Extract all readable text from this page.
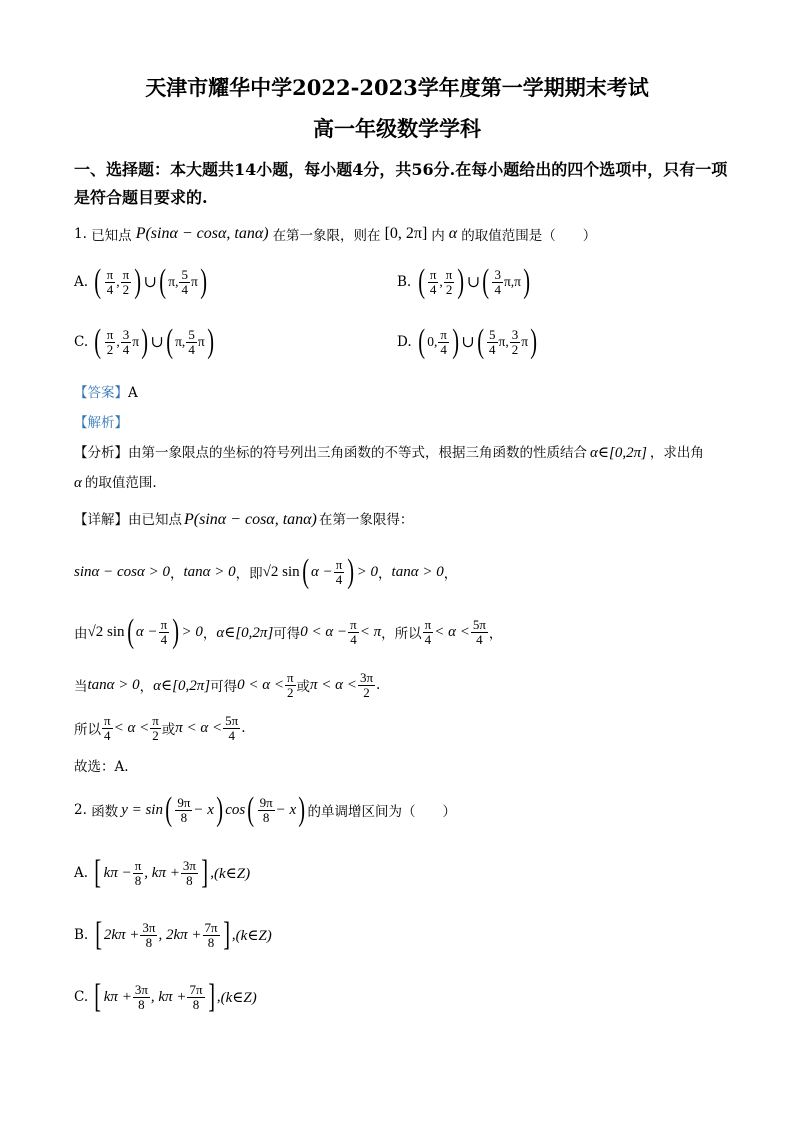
天津市耀华中学2022-2023学年度第一学期期末考试
高一年级数学学科
一、选择题：本大题共14小题，每小题4分，共56分.在每小题给出的四个选项中，只有一项
是符合题目要求的.
1.
已知点 P(sinα − cosα, tanα) 在第一象限，则在 [0, 2π] 内 α 的取值范围是（　　）
A.
( $\frac{\pi}{4}$ , $\frac{\pi}{2}$ ) ∪ ( π, $\frac{5}{4}$ π )	B.
( $\frac{\pi}{4}$ , $\frac{\pi}{2}$ ) ∪ ( $\frac{3}{4} \pi,\pi$ )
C.
( $\frac{\pi}{2}$ , $\frac{3}{4}$ π ) ∪ ( π, $\frac{5}{4}$ π )	D.
( 0, $\frac{\pi}{4}$ ) ∪ ( $\frac{5}{4} \pi$, $\frac{3}{2}$ π )
【答案】A
【解析】
【分析】由第一象限点的坐标的符号列出三角函数的不等式，根据三角函数的性质结合 α∈[0,2π] ，求出角
α 的取值范围.
【详解】由已知点 P(sinα − cosα, tanα) 在第一象限得：
sinα − cosα > 0 ， tanα > 0 ，即 √2 sin ( $\alpha - \frac{\pi}{4}$ ) > 0 ， tanα > 0 ，
由 √2 sin ( $\alpha - \frac{\pi}{4}$ ) > 0 ， α∈[0,2π] 可得 $0 < \alpha - \frac{\pi}{4} < \pi$ ，所以 $\frac{\pi}{4} < \alpha < \frac{5\pi}{4}$ ，
当 tanα > 0 ， α∈[0,2π] 可得 $0 < \alpha < \frac{\pi}{2}$ 或 $\pi < \alpha < \frac{3\pi}{2}$ .
所以 $\frac{\pi}{4} < \alpha < \frac{\pi}{2}$ 或 $\pi < \alpha < \frac{5\pi}{4}$ .
故选：A.
2.
函数 y = sin ( $\frac{9\pi}{8} - x$ ) cos ( $\frac{9\pi}{8} - x$ ) 的单调增区间为（　　）
A.
[ $k\pi - \frac{\pi}{8}$ , $k\pi + \frac{3\pi}{8}$ ] , (k∈Z)
B.
[ $2k\pi + \frac{3\pi}{8}$ , $2k\pi + \frac{7\pi}{8}$ ] , (k∈Z)
C.
[ $k\pi + \frac{3\pi}{8}$ , $k\pi + \frac{7\pi}{8}$ ] , (k∈Z)
